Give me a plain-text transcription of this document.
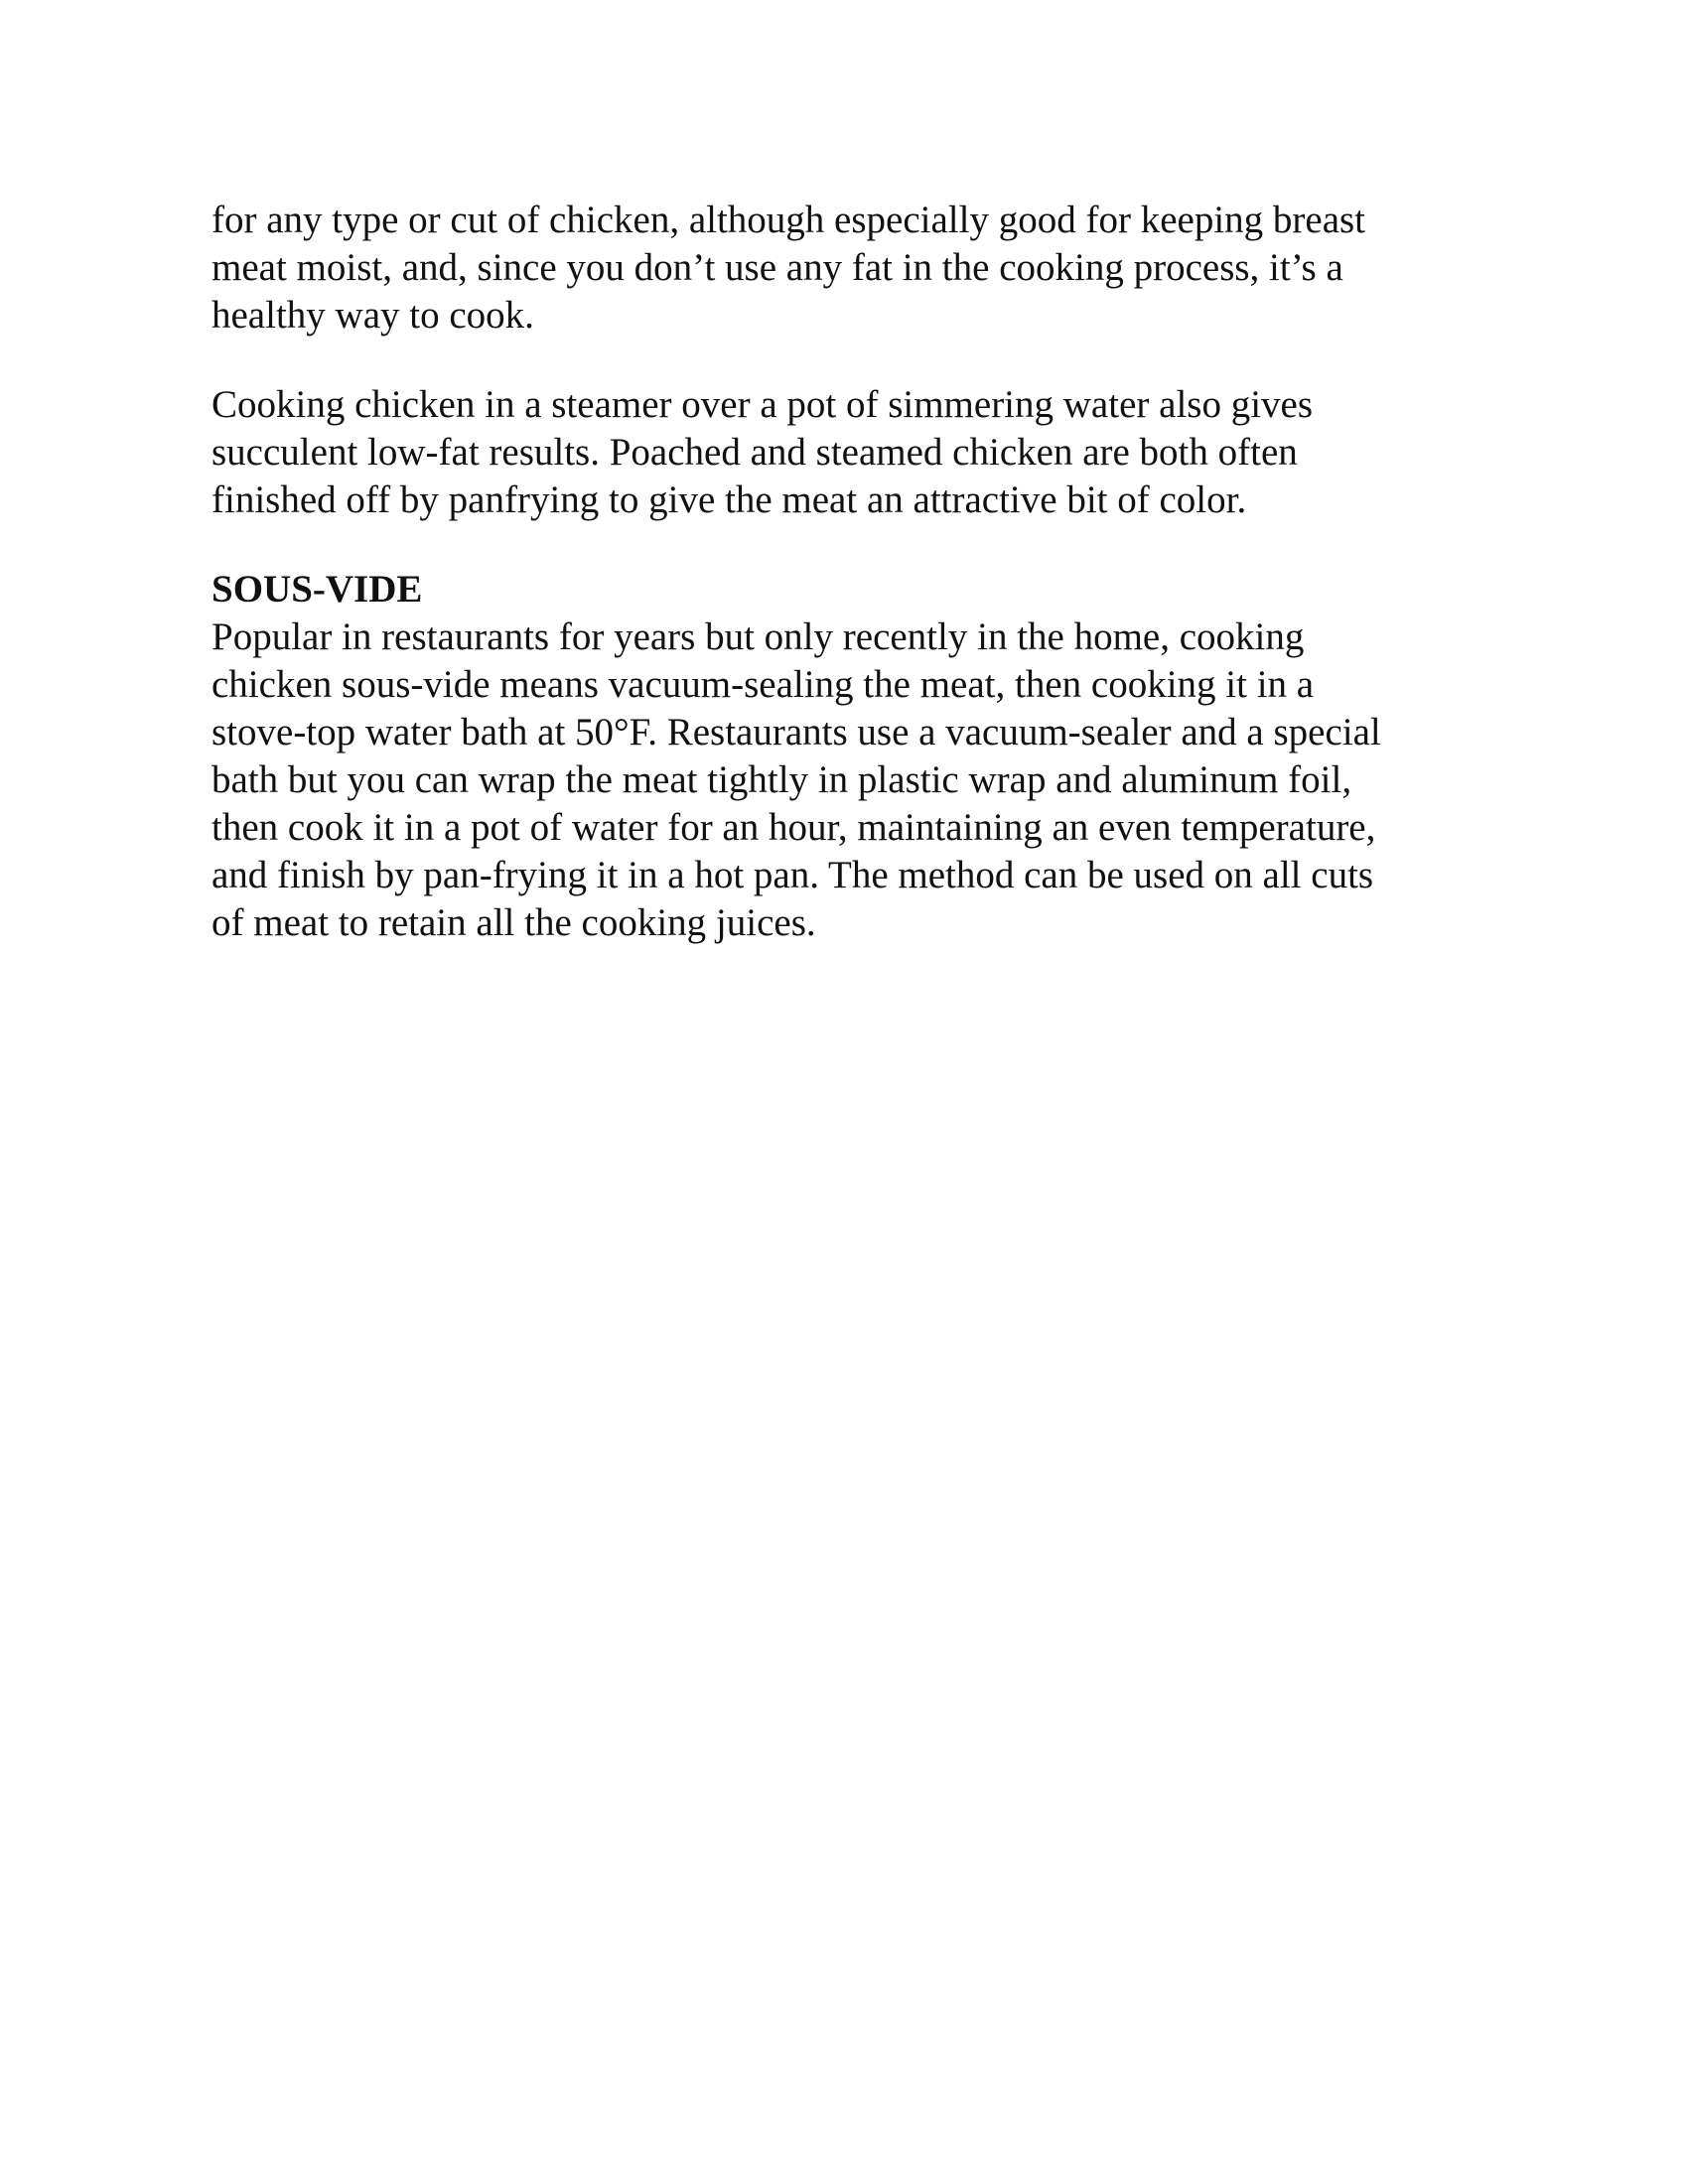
for any type or cut of chicken, although especially good for keeping breast
meat moist, and, since you don’t use any fat in the cooking process, it’s a
healthy way to cook.

Cooking chicken in a steamer over a pot of simmering water also gives
succulent low-fat results. Poached and steamed chicken are both often
finished off by panfrying to give the meat an attractive bit of color.

SOUS-VIDE

Popular in restaurants for years but only recently in the home, cooking
chicken sous-vide means vacuum-sealing the meat, then cooking it in a
stove-top water bath at 50°F. Restaurants use a vacuum-sealer and a special
bath but you can wrap the meat tightly in plastic wrap and aluminum foil,
then cook it in a pot of water for an hour, maintaining an even temperature,
and finish by pan-frying it in a hot pan. The method can be used on all cuts
of meat to retain all the cooking juices.
